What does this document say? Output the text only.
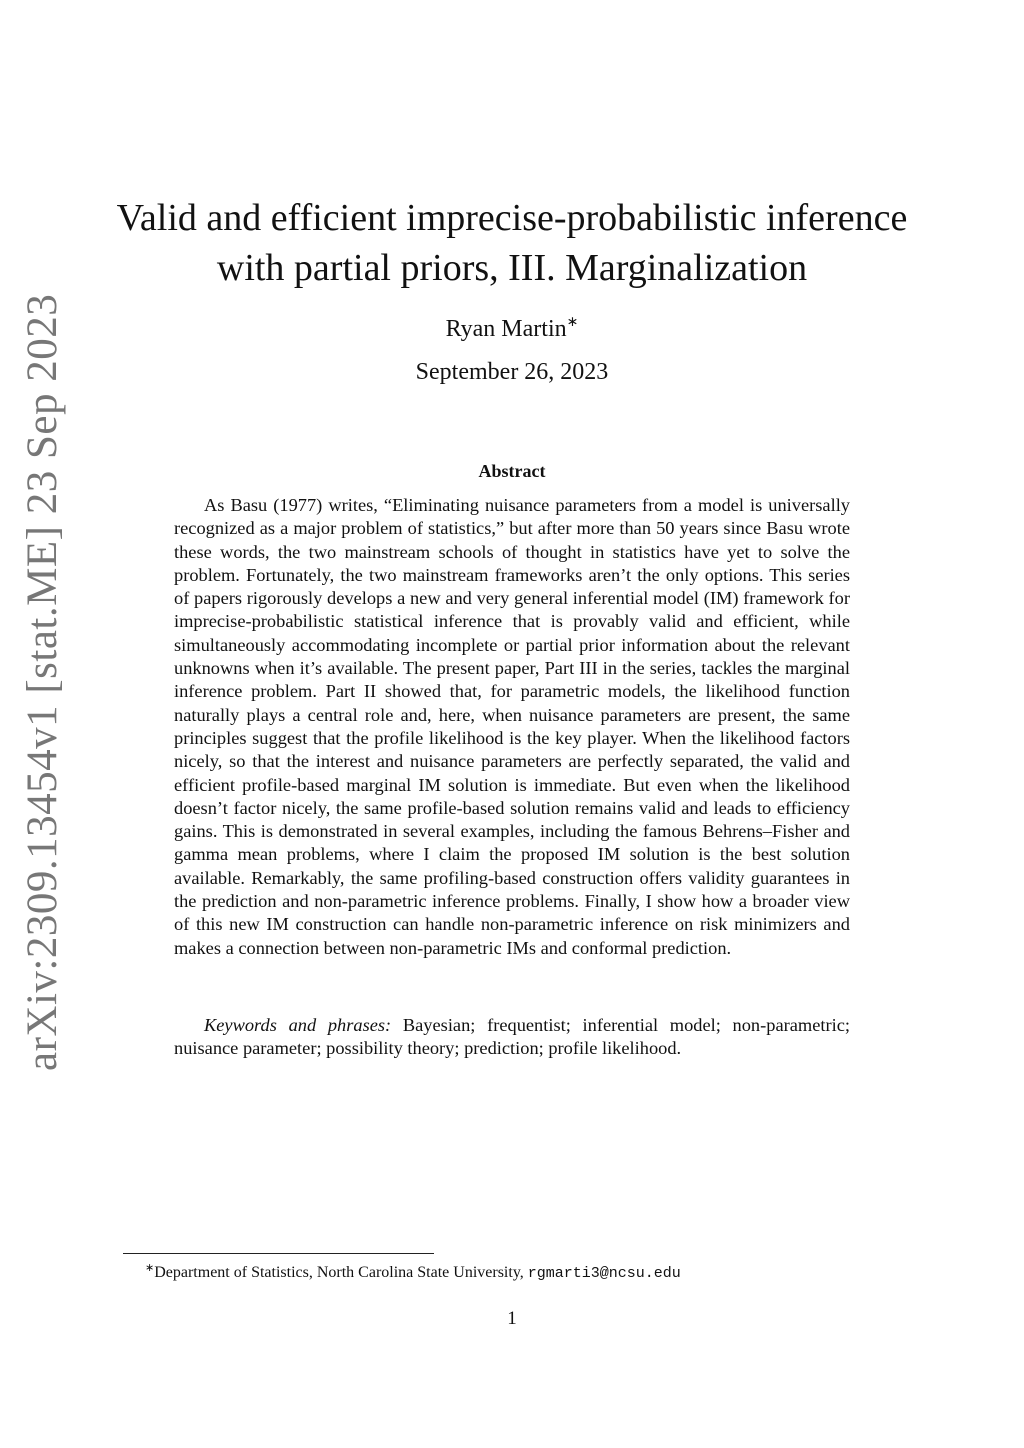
arXiv:2309.13454v1 [stat.ME] 23 Sep 2023
Valid and efficient imprecise-probabilistic inference
with partial priors, III. Marginalization
Ryan Martin∗
September 26, 2023
Abstract

As Basu (1977) writes, “Eliminating nuisance parameters from a model is universally recognized as a major problem of statistics,” but after more than 50 years since Basu wrote these words, the two mainstream schools of thought in statistics have yet to solve the problem. Fortunately, the two mainstream frameworks aren’t the only options. This series of papers rigorously develops a new and very general inferential model (IM) framework for imprecise-probabilistic statistical inference that is provably valid and efficient, while simultaneously accommodating incomplete or partial prior information about the relevant unknowns when it’s available. The present paper, Part III in the series, tackles the marginal inference problem. Part II showed that, for parametric models, the likelihood function naturally plays a central role and, here, when nuisance parameters are present, the same principles suggest that the profile likelihood is the key player. When the likelihood factors nicely, so that the interest and nuisance parameters are perfectly separated, the valid and efficient profile-based marginal IM solution is immediate. But even when the likelihood doesn’t factor nicely, the same profile-based solution remains valid and leads to efficiency gains. This is demonstrated in several examples, including the famous Behrens–Fisher and gamma mean problems, where I claim the proposed IM solution is the best solution available. Remarkably, the same profiling-based construction offers validity guarantees in the prediction and non-parametric inference problems. Finally, I show how a broader view of this new IM construction can handle non-parametric inference on risk minimizers and makes a connection between non-parametric IMs and conformal prediction.

Keywords and phrases: Bayesian; frequentist; inferential model; non-parametric; nuisance parameter; possibility theory; prediction; profile likelihood.

∗Department of Statistics, North Carolina State University, rgmarti3@ncsu.edu
1
